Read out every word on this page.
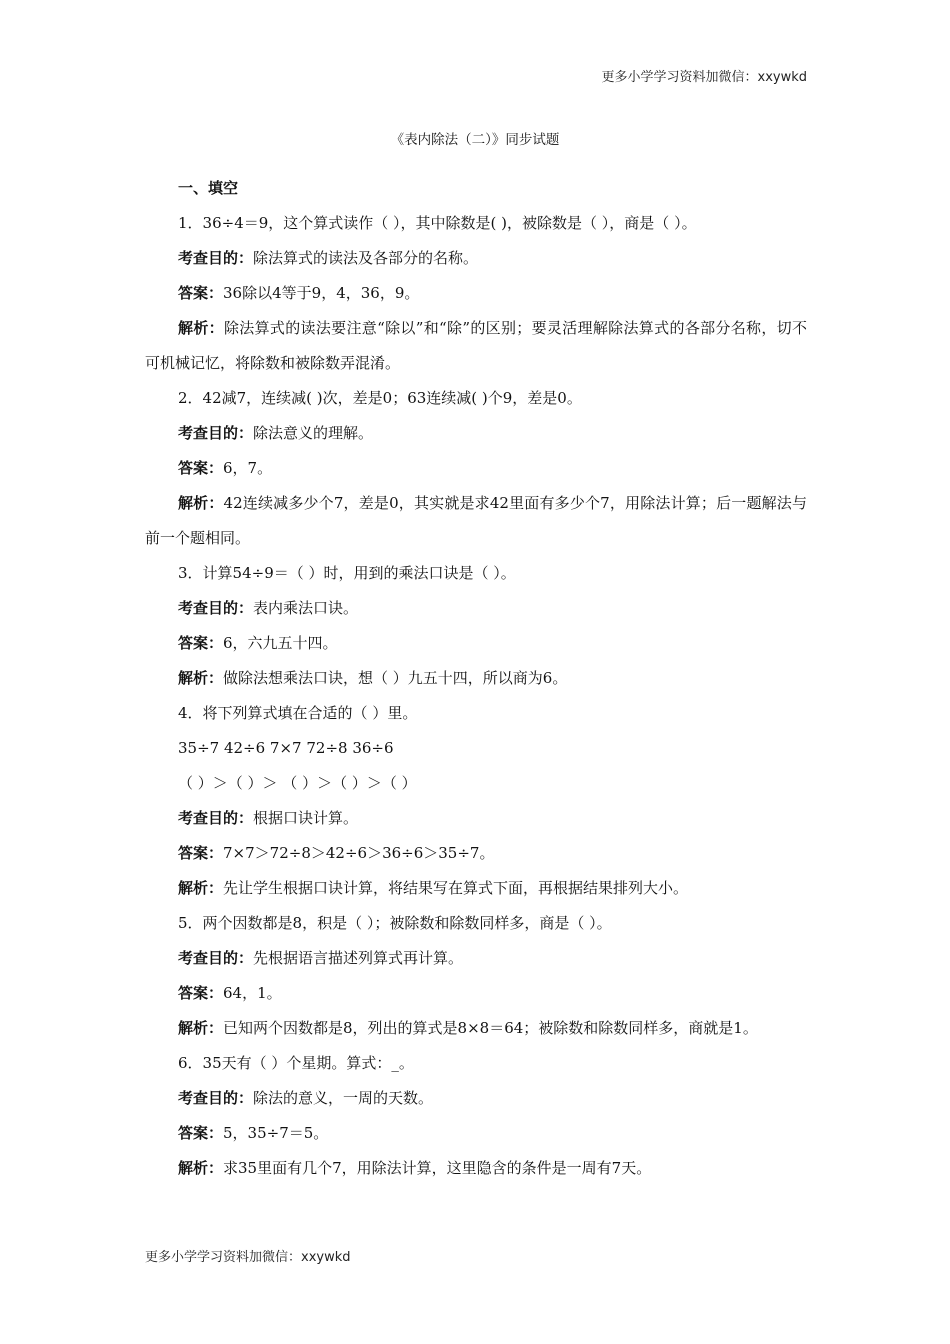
更多小学学习资料加微信：xxywkd
《表内除法（二）》同步试题
一、填空
1．36÷4＝9，这个算式读作（ ），其中除数是( )，被除数是（ ），商是（ ）。
考查目的：除法算式的读法及各部分的名称。
答案：36除以4等于9，4，36，9。
解析：除法算式的读法要注意“除以”和“除”的区别；要灵活理解除法算式的各部分名称，切不可机械记忆，将除数和被除数弄混淆。
2．42减7，连续减( )次，差是0；63连续减( )个9，差是0。
考查目的：除法意义的理解。
答案：6，7。
解析：42连续减多少个7，差是0，其实就是求42里面有多少个7，用除法计算；后一题解法与前一个题相同。
3．计算54÷9＝（ ）时，用到的乘法口诀是（ ）。
考查目的：表内乘法口诀。
答案：6，六九五十四。
解析：做除法想乘法口诀，想（ ）九五十四，所以商为6。
4．将下列算式填在合适的（ ）里。
35÷7 42÷6 7×7 72÷8 36÷6
（ ）＞（ ）＞ （ ）＞（ ）＞（ ）
考查目的：根据口诀计算。
答案：7×7＞72÷8＞42÷6＞36÷6＞35÷7。
解析：先让学生根据口诀计算，将结果写在算式下面，再根据结果排列大小。
5．两个因数都是8，积是（ ）；被除数和除数同样多，商是（ ）。
考查目的：先根据语言描述列算式再计算。
答案：64，1。
解析：已知两个因数都是8，列出的算式是8×8＝64；被除数和除数同样多，商就是1。
6．35天有（ ）个星期。算式：_。
考查目的：除法的意义，一周的天数。
答案：5，35÷7＝5。
解析：求35里面有几个7，用除法计算，这里隐含的条件是一周有7天。
更多小学学习资料加微信：xxywkd
